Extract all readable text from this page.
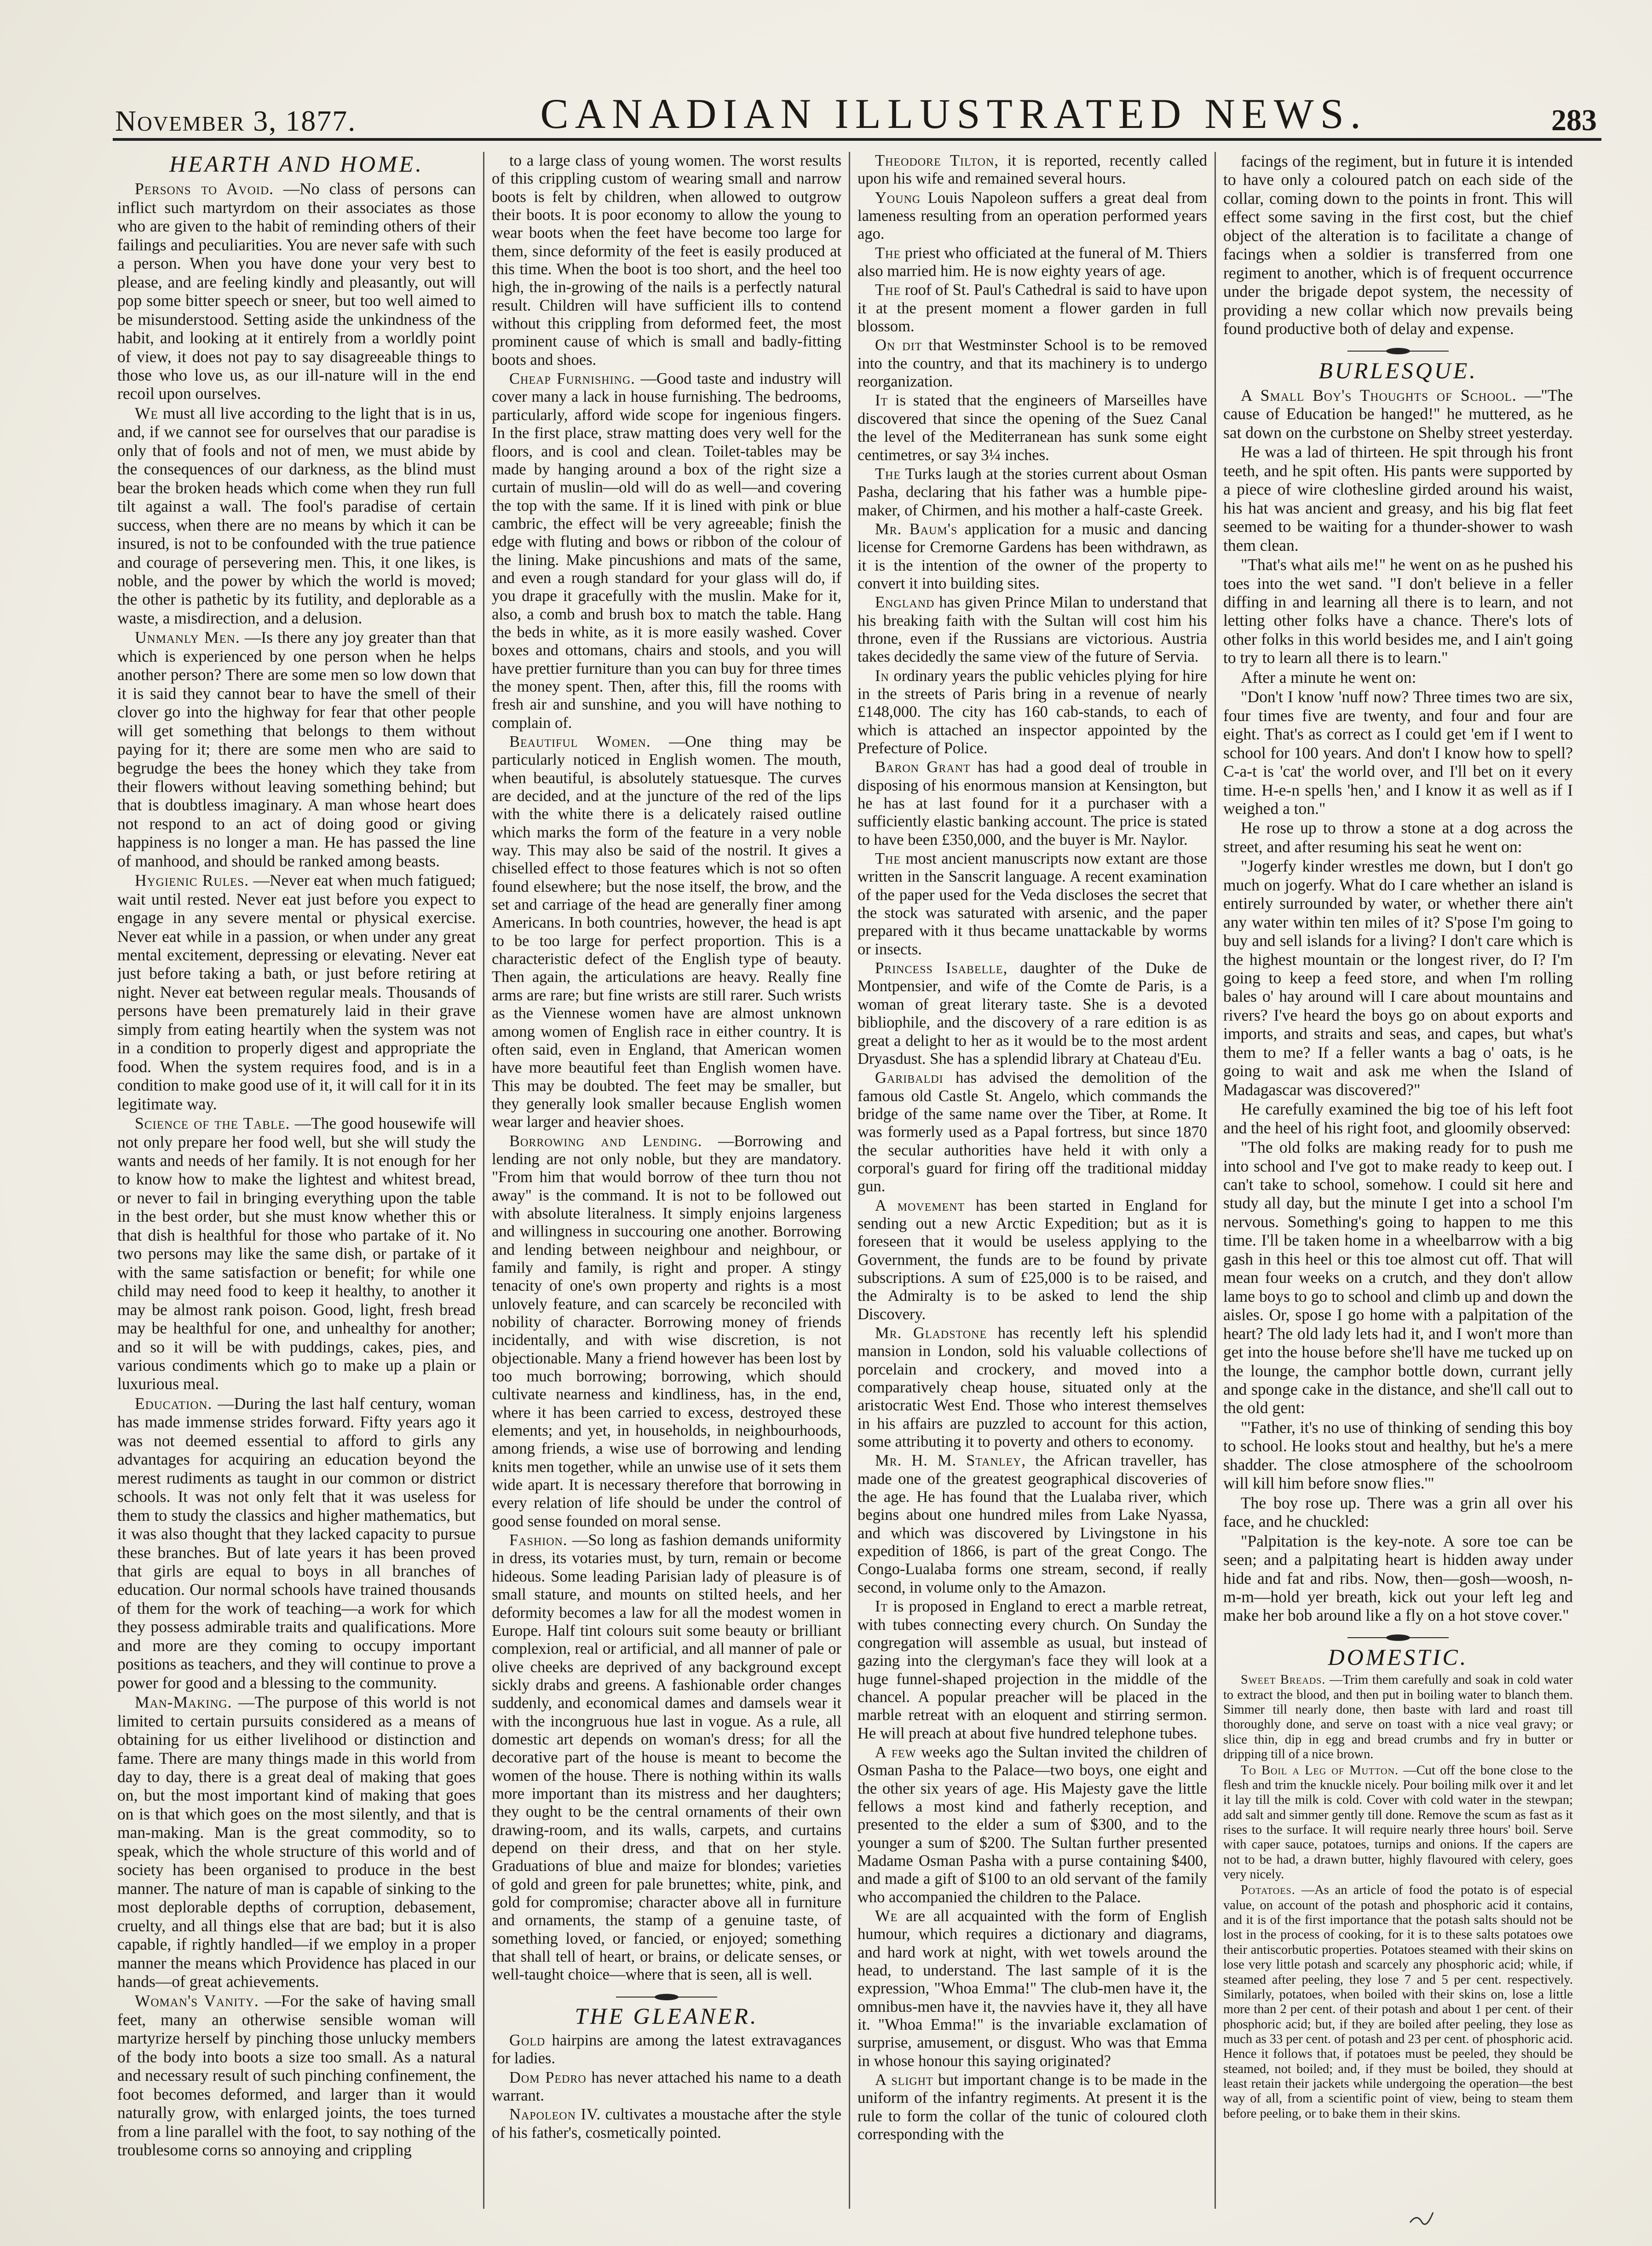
November 3, 1877.	CANADIAN ILLUSTRATED NEWS.	283
HEARTH AND HOME.

Persons to Avoid. —No class of persons can inflict such martyrdom on their associates as those who are given to the habit of reminding others of their failings and peculiarities. You are never safe with such a person. When you have done your very best to please, and are feeling kindly and pleasantly, out will pop some bitter speech or sneer, but too well aimed to be misunderstood. Setting aside the unkindness of the habit, and looking at it entirely from a worldly point of view, it does not pay to say disagreeable things to those who love us, as our ill-nature will in the end recoil upon ourselves.

We must all live according to the light that is in us, and, if we cannot see for ourselves that our paradise is only that of fools and not of men, we must abide by the consequences of our darkness, as the blind must bear the broken heads which come when they run full tilt against a wall. The fool's paradise of certain success, when there are no means by which it can be insured, is not to be confounded with the true patience and courage of persevering men. This, it one likes, is noble, and the power by which the world is moved; the other is pathetic by its futility, and deplorable as a waste, a misdirection, and a delusion.

Unmanly Men. —Is there any joy greater than that which is experienced by one person when he helps another person? There are some men so low down that it is said they cannot bear to have the smell of their clover go into the highway for fear that other people will get something that belongs to them without paying for it; there are some men who are said to begrudge the bees the honey which they take from their flowers without leaving something behind; but that is doubtless imaginary. A man whose heart does not respond to an act of doing good or giving happiness is no longer a man. He has passed the line of manhood, and should be ranked among beasts.

Hygienic Rules. —Never eat when much fatigued; wait until rested. Never eat just before you expect to engage in any severe mental or physical exercise. Never eat while in a passion, or when under any great mental excitement, depressing or elevating. Never eat just before taking a bath, or just before retiring at night. Never eat between regular meals. Thousands of persons have been prematurely laid in their grave simply from eating heartily when the system was not in a condition to properly digest and appropriate the food. When the system requires food, and is in a condition to make good use of it, it will call for it in its legitimate way.

Science of the Table. —The good housewife will not only prepare her food well, but she will study the wants and needs of her family. It is not enough for her to know how to make the lightest and whitest bread, or never to fail in bringing everything upon the table in the best order, but she must know whether this or that dish is healthful for those who partake of it. No two persons may like the same dish, or partake of it with the same satisfaction or benefit; for while one child may need food to keep it healthy, to another it may be almost rank poison. Good, light, fresh bread may be healthful for one, and unhealthy for another; and so it will be with puddings, cakes, pies, and various condiments which go to make up a plain or luxurious meal.

Education. —During the last half century, woman has made immense strides forward. Fifty years ago it was not deemed essential to afford to girls any advantages for acquiring an education beyond the merest rudiments as taught in our common or district schools. It was not only felt that it was useless for them to study the classics and higher mathematics, but it was also thought that they lacked capacity to pursue these branches. But of late years it has been proved that girls are equal to boys in all branches of education. Our normal schools have trained thousands of them for the work of teaching—a work for which they possess admirable traits and qualifications. More and more are they coming to occupy important positions as teachers, and they will continue to prove a power for good and a blessing to the community.

Man-Making. —The purpose of this world is not limited to certain pursuits considered as a means of obtaining for us either livelihood or distinction and fame. There are many things made in this world from day to day, there is a great deal of making that goes on, but the most important kind of making that goes on is that which goes on the most silently, and that is man-making. Man is the great commodity, so to speak, which the whole structure of this world and of society has been organised to produce in the best manner. The nature of man is capable of sinking to the most deplorable depths of corruption, debasement, cruelty, and all things else that are bad; but it is also capable, if rightly handled—if we employ in a proper manner the means which Providence has placed in our hands—of great achievements.

Woman's Vanity. —For the sake of having small feet, many an otherwise sensible woman will martyrize herself by pinching those unlucky members of the body into boots a size too small. As a natural and necessary result of such pinching confinement, the foot becomes deformed, and larger than it would naturally grow, with enlarged joints, the toes turned from a line parallel with the foot, to say nothing of the troublesome corns so annoying and crippling

to a large class of young women. The worst results of this crippling custom of wearing small and narrow boots is felt by children, when allowed to outgrow their boots. It is poor economy to allow the young to wear boots when the feet have become too large for them, since deformity of the feet is easily produced at this time. When the boot is too short, and the heel too high, the in-growing of the nails is a perfectly natural result. Children will have sufficient ills to contend without this crippling from deformed feet, the most prominent cause of which is small and badly-fitting boots and shoes.

Cheap Furnishing. —Good taste and industry will cover many a lack in house furnishing. The bedrooms, particularly, afford wide scope for ingenious fingers. In the first place, straw matting does very well for the floors, and is cool and clean. Toilet-tables may be made by hanging around a box of the right size a curtain of muslin—old will do as well—and covering the top with the same. If it is lined with pink or blue cambric, the effect will be very agreeable; finish the edge with fluting and bows or ribbon of the colour of the lining. Make pincushions and mats of the same, and even a rough standard for your glass will do, if you drape it gracefully with the muslin. Make for it, also, a comb and brush box to match the table. Hang the beds in white, as it is more easily washed. Cover boxes and ottomans, chairs and stools, and you will have prettier furniture than you can buy for three times the money spent. Then, after this, fill the rooms with fresh air and sunshine, and you will have nothing to complain of.

Beautiful Women. —One thing may be particularly noticed in English women. The mouth, when beautiful, is absolutely statuesque. The curves are decided, and at the juncture of the red of the lips with the white there is a delicately raised outline which marks the form of the feature in a very noble way. This may also be said of the nostril. It gives a chiselled effect to those features which is not so often found elsewhere; but the nose itself, the brow, and the set and carriage of the head are generally finer among Americans. In both countries, however, the head is apt to be too large for perfect proportion. This is a characteristic defect of the English type of beauty. Then again, the articulations are heavy. Really fine arms are rare; but fine wrists are still rarer. Such wrists as the Viennese women have are almost unknown among women of English race in either country. It is often said, even in England, that American women have more beautiful feet than English women have. This may be doubted. The feet may be smaller, but they generally look smaller because English women wear larger and heavier shoes.

Borrowing and Lending. —Borrowing and lending are not only noble, but they are mandatory. "From him that would borrow of thee turn thou not away" is the command. It is not to be followed out with absolute literalness. It simply enjoins largeness and willingness in succouring one another. Borrowing and lending between neighbour and neighbour, or family and family, is right and proper. A stingy tenacity of one's own property and rights is a most unlovely feature, and can scarcely be reconciled with nobility of character. Borrowing money of friends incidentally, and with wise discretion, is not objectionable. Many a friend however has been lost by too much borrowing; borrowing, which should cultivate nearness and kindliness, has, in the end, where it has been carried to excess, destroyed these elements; and yet, in households, in neighbourhoods, among friends, a wise use of borrowing and lending knits men together, while an unwise use of it sets them wide apart. It is necessary therefore that borrowing in every relation of life should be under the control of good sense founded on moral sense.

Fashion. —So long as fashion demands uniformity in dress, its votaries must, by turn, remain or become hideous. Some leading Parisian lady of pleasure is of small stature, and mounts on stilted heels, and her deformity becomes a law for all the modest women in Europe. Half tint colours suit some beauty or brilliant complexion, real or artificial, and all manner of pale or olive cheeks are deprived of any background except sickly drabs and greens. A fashionable order changes suddenly, and economical dames and damsels wear it with the incongruous hue last in vogue. As a rule, all domestic art depends on woman's dress; for all the decorative part of the house is meant to become the women of the house. There is nothing within its walls more important than its mistress and her daughters; they ought to be the central ornaments of their own drawing-room, and its walls, carpets, and curtains depend on their dress, and that on her style. Graduations of blue and maize for blondes; varieties of gold and green for pale brunettes; white, pink, and gold for compromise; character above all in furniture and ornaments, the stamp of a genuine taste, of something loved, or fancied, or enjoyed; something that shall tell of heart, or brains, or delicate senses, or well-taught choice—where that is seen, all is well.

THE GLEANER.

Gold hairpins are among the latest extravagances for ladies.

Dom Pedro has never attached his name to a death warrant.

Napoleon IV. cultivates a moustache after the style of his father's, cosmetically pointed.

Theodore Tilton, it is reported, recently called upon his wife and remained several hours.

Young Louis Napoleon suffers a great deal from lameness resulting from an operation performed years ago.

The priest who officiated at the funeral of M. Thiers also married him. He is now eighty years of age.

The roof of St. Paul's Cathedral is said to have upon it at the present moment a flower garden in full blossom.

On dit that Westminster School is to be removed into the country, and that its machinery is to undergo reorganization.

It is stated that the engineers of Marseilles have discovered that since the opening of the Suez Canal the level of the Mediterranean has sunk some eight centimetres, or say 3¼ inches.

The Turks laugh at the stories current about Osman Pasha, declaring that his father was a humble pipe-maker, of Chirmen, and his mother a half-caste Greek.

Mr. Baum's application for a music and dancing license for Cremorne Gardens has been withdrawn, as it is the intention of the owner of the property to convert it into building sites.

England has given Prince Milan to understand that his breaking faith with the Sultan will cost him his throne, even if the Russians are victorious. Austria takes decidedly the same view of the future of Servia.

In ordinary years the public vehicles plying for hire in the streets of Paris bring in a revenue of nearly £148,000. The city has 160 cab-stands, to each of which is attached an inspector appointed by the Prefecture of Police.

Baron Grant has had a good deal of trouble in disposing of his enormous mansion at Kensington, but he has at last found for it a purchaser with a sufficiently elastic banking account. The price is stated to have been £350,000, and the buyer is Mr. Naylor.

The most ancient manuscripts now extant are those written in the Sanscrit language. A recent examination of the paper used for the Veda discloses the secret that the stock was saturated with arsenic, and the paper prepared with it thus became unattackable by worms or insects.

Princess Isabelle, daughter of the Duke de Montpensier, and wife of the Comte de Paris, is a woman of great literary taste. She is a devoted bibliophile, and the discovery of a rare edition is as great a delight to her as it would be to the most ardent Dryasdust. She has a splendid library at Chateau d'Eu.

Garibaldi has advised the demolition of the famous old Castle St. Angelo, which commands the bridge of the same name over the Tiber, at Rome. It was formerly used as a Papal fortress, but since 1870 the secular authorities have held it with only a corporal's guard for firing off the traditional midday gun.

A movement has been started in England for sending out a new Arctic Expedition; but as it is foreseen that it would be useless applying to the Government, the funds are to be found by private subscriptions. A sum of £25,000 is to be raised, and the Admiralty is to be asked to lend the ship Discovery.

Mr. Gladstone has recently left his splendid mansion in London, sold his valuable collections of porcelain and crockery, and moved into a comparatively cheap house, situated only at the aristocratic West End. Those who interest themselves in his affairs are puzzled to account for this action, some attributing it to poverty and others to economy.

Mr. H. M. Stanley, the African traveller, has made one of the greatest geographical discoveries of the age. He has found that the Lualaba river, which begins about one hundred miles from Lake Nyassa, and which was discovered by Livingstone in his expedition of 1866, is part of the great Congo. The Congo-Lualaba forms one stream, second, if really second, in volume only to the Amazon.

It is proposed in England to erect a marble retreat, with tubes connecting every church. On Sunday the congregation will assemble as usual, but instead of gazing into the clergyman's face they will look at a huge funnel-shaped projection in the middle of the chancel. A popular preacher will be placed in the marble retreat with an eloquent and stirring sermon. He will preach at about five hundred telephone tubes.

A few weeks ago the Sultan invited the children of Osman Pasha to the Palace—two boys, one eight and the other six years of age. His Majesty gave the little fellows a most kind and fatherly reception, and presented to the elder a sum of $300, and to the younger a sum of $200. The Sultan further presented Madame Osman Pasha with a purse containing $400, and made a gift of $100 to an old servant of the family who accompanied the children to the Palace.

We are all acquainted with the form of English humour, which requires a dictionary and diagrams, and hard work at night, with wet towels around the head, to understand. The last sample of it is the expression, "Whoa Emma!" The club-men have it, the omnibus-men have it, the navvies have it, they all have it. "Whoa Emma!" is the invariable exclamation of surprise, amusement, or disgust. Who was that Emma in whose honour this saying originated?

A slight but important change is to be made in the uniform of the infantry regiments. At present it is the rule to form the collar of the tunic of coloured cloth corresponding with the

facings of the regiment, but in future it is intended to have only a coloured patch on each side of the collar, coming down to the points in front. This will effect some saving in the first cost, but the chief object of the alteration is to facilitate a change of facings when a soldier is transferred from one regiment to another, which is of frequent occurrence under the brigade depot system, the necessity of providing a new collar which now prevails being found productive both of delay and expense.

BURLESQUE.

A Small Boy's Thoughts of School. —"The cause of Education be hanged!" he muttered, as he sat down on the curbstone on Shelby street yesterday.

He was a lad of thirteen. He spit through his front teeth, and he spit often. His pants were supported by a piece of wire clothesline girded around his waist, his hat was ancient and greasy, and his big flat feet seemed to be waiting for a thunder-shower to wash them clean.

"That's what ails me!" he went on as he pushed his toes into the wet sand. "I don't believe in a feller diffing in and learning all there is to learn, and not letting other folks have a chance. There's lots of other folks in this world besides me, and I ain't going to try to learn all there is to learn."

After a minute he went on:

"Don't I know 'nuff now? Three times two are six, four times five are twenty, and four and four are eight. That's as correct as I could get 'em if I went to school for 100 years. And don't I know how to spell? C-a-t is 'cat' the world over, and I'll bet on it every time. H-e-n spells 'hen,' and I know it as well as if I weighed a ton."

He rose up to throw a stone at a dog across the street, and after resuming his seat he went on:

"Jogerfy kinder wrestles me down, but I don't go much on jogerfy. What do I care whether an island is entirely surrounded by water, or whether there ain't any water within ten miles of it? S'pose I'm going to buy and sell islands for a living? I don't care which is the highest mountain or the longest river, do I? I'm going to keep a feed store, and when I'm rolling bales o' hay around will I care about mountains and rivers? I've heard the boys go on about exports and imports, and straits and seas, and capes, but what's them to me? If a feller wants a bag o' oats, is he going to wait and ask me when the Island of Madagascar was discovered?"

He carefully examined the big toe of his left foot and the heel of his right foot, and gloomily observed:

"The old folks are making ready for to push me into school and I've got to make ready to keep out. I can't take to school, somehow. I could sit here and study all day, but the minute I get into a school I'm nervous. Something's going to happen to me this time. I'll be taken home in a wheelbarrow with a big gash in this heel or this toe almost cut off. That will mean four weeks on a crutch, and they don't allow lame boys to go to school and climb up and down the aisles. Or, spose I go home with a palpitation of the heart? The old lady lets had it, and I won't more than get into the house before she'll have me tucked up on the lounge, the camphor bottle down, currant jelly and sponge cake in the distance, and she'll call out to the old gent:

"'Father, it's no use of thinking of sending this boy to school. He looks stout and healthy, but he's a mere shadder. The close atmosphere of the schoolroom will kill him before snow flies.'"

The boy rose up. There was a grin all over his face, and he chuckled:

"Palpitation is the key-note. A sore toe can be seen; and a palpitating heart is hidden away under hide and fat and ribs. Now, then—gosh—woosh, n-m-m—hold yer breath, kick out your left leg and make her bob around like a fly on a hot stove cover."

DOMESTIC.

Sweet Breads. —Trim them carefully and soak in cold water to extract the blood, and then put in boiling water to blanch them. Simmer till nearly done, then baste with lard and roast till thoroughly done, and serve on toast with a nice veal gravy; or slice thin, dip in egg and bread crumbs and fry in butter or dripping till of a nice brown.

To Boil a Leg of Mutton. —Cut off the bone close to the flesh and trim the knuckle nicely. Pour boiling milk over it and let it lay till the milk is cold. Cover with cold water in the stewpan; add salt and simmer gently till done. Remove the scum as fast as it rises to the surface. It will require nearly three hours' boil. Serve with caper sauce, potatoes, turnips and onions. If the capers are not to be had, a drawn butter, highly flavoured with celery, goes very nicely.

Potatoes. —As an article of food the potato is of especial value, on account of the potash and phosphoric acid it contains, and it is of the first importance that the potash salts should not be lost in the process of cooking, for it is to these salts potatoes owe their antiscorbutic properties. Potatoes steamed with their skins on lose very little potash and scarcely any phosphoric acid; while, if steamed after peeling, they lose 7 and 5 per cent. respectively. Similarly, potatoes, when boiled with their skins on, lose a little more than 2 per cent. of their potash and about 1 per cent. of their phosphoric acid; but, if they are boiled after peeling, they lose as much as 33 per cent. of potash and 23 per cent. of phosphoric acid. Hence it follows that, if potatoes must be peeled, they should be steamed, not boiled; and, if they must be boiled, they should at least retain their jackets while undergoing the operation—the best way of all, from a scientific point of view, being to steam them before peeling, or to bake them in their skins.
